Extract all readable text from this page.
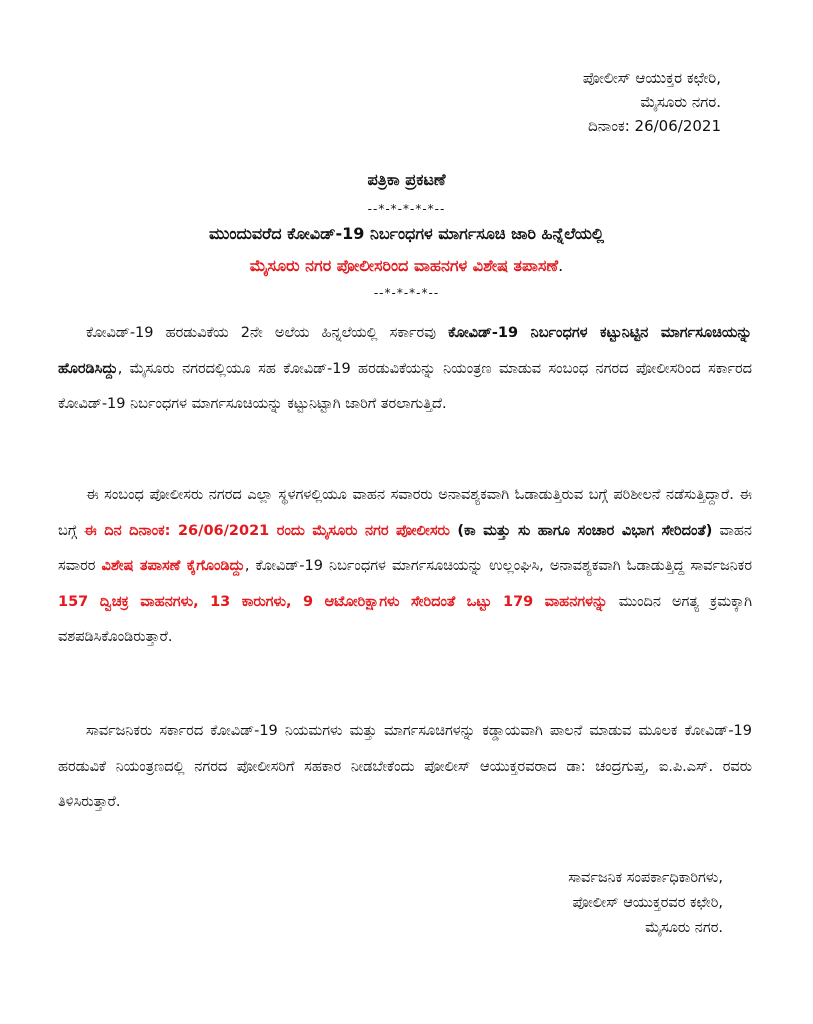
ಪೋಲೀಸ್ ಆಯುಕ್ತರ ಕಛೇರಿ,
ಮೈಸೂರು ನಗರ.
ದಿನಾಂಕ: 26/06/2021
ಪತ್ರಿಕಾ ಪ್ರಕಟಣೆ
--*-*-*-*-*--
ಮುಂದುವರೆದ ಕೋವಿಡ್-19 ನಿರ್ಬಂಧಗಳ ಮಾರ್ಗಸೂಚಿ ಜಾರಿ ಹಿನ್ನೆಲೆಯಲ್ಲಿ
ಮೈಸೂರು ನಗರ ಪೋಲೀಸರಿಂದ ವಾಹನಗಳ ವಿಶೇಷ ತಪಾಸಣೆ.
--*-*-*-*--
ಕೋವಿಡ್-19 ಹರಡುವಿಕೆಯ 2ನೇ ಅಲೆಯ ಹಿನ್ನಲೆಯಲ್ಲಿ ಸರ್ಕಾರವು ಕೋವಿಡ್-19 ನಿರ್ಬಂಧಗಳ ಕಟ್ಟುನಿಟ್ಟಿನ ಮಾರ್ಗಸೂಚಿಯನ್ನು ಹೊರಡಿಸಿದ್ದು, ಮೈಸೂರು ನಗರದಲ್ಲಿಯೂ ಸಹ ಕೋವಿಡ್-19 ಹರಡುವಿಕೆಯನ್ನು ನಿಯಂತ್ರಣ ಮಾಡುವ ಸಂಬಂಧ ನಗರದ ಪೋಲೀಸರಿಂದ ಸರ್ಕಾರದ ಕೋವಿಡ್-19 ನಿರ್ಬಂಧಗಳ ಮಾರ್ಗಸೂಚಿಯನ್ನು ಕಟ್ಟುನಿಟ್ಟಾಗಿ ಜಾರಿಗೆ ತರಲಾಗುತ್ತಿದೆ.
ಈ ಸಂಬಂಧ ಪೋಲೀಸರು ನಗರದ ಎಲ್ಲಾ ಸ್ಥಳಗಳಲ್ಲಿಯೂ ವಾಹನ ಸವಾರರು ಅನಾವಶ್ಯಕವಾಗಿ ಓಡಾಡುತ್ತಿರುವ ಬಗ್ಗೆ ಪರಿಶೀಲನೆ ನಡೆಸುತ್ತಿದ್ದಾರೆ. ಈ ಬಗ್ಗೆ ಈ ದಿನ ದಿನಾಂಕ: 26/06/2021 ರಂದು ಮೈಸೂರು ನಗರ ಪೋಲೀಸರು (ಕಾ ಮತ್ತು ಸು ಹಾಗೂ ಸಂಚಾರ ವಿಭಾಗ ಸೇರಿದಂತೆ) ವಾಹನ ಸವಾರರ ವಿಶೇಷ ತಪಾಸಣೆ ಕೈಗೊಂಡಿದ್ದು, ಕೋವಿಡ್-19 ನಿರ್ಬಂಧಗಳ ಮಾರ್ಗಸೂಚಿಯನ್ನು ಉಲ್ಲಂಘಿಸಿ, ಅನಾವಶ್ಯಕವಾಗಿ ಓಡಾಡುತ್ತಿದ್ದ ಸಾರ್ವಜನಿಕರ 157 ದ್ವಿಚಕ್ರ ವಾಹನಗಳು, 13 ಕಾರುಗಳು, 9 ಆಟೋರಿಕ್ಷಾಗಳು ಸೇರಿದಂತೆ ಒಟ್ಟು 179 ವಾಹನಗಳನ್ನು ಮುಂದಿನ ಅಗತ್ಯ ಕ್ರಮಕ್ಕಾಗಿ ವಶಪಡಿಸಿಕೊಂಡಿರುತ್ತಾರೆ.
ಸಾರ್ವಜನಿಕರು ಸರ್ಕಾರದ ಕೋವಿಡ್-19 ನಿಯಮಗಳು ಮತ್ತು ಮಾರ್ಗಸೂಚಿಗಳನ್ನು ಕಡ್ಡಾಯವಾಗಿ ಪಾಲನೆ ಮಾಡುವ ಮೂಲಕ ಕೋವಿಡ್-19 ಹರಡುವಿಕೆ ನಿಯಂತ್ರಣದಲ್ಲಿ ನಗರದ ಪೋಲೀಸರಿಗೆ ಸಹಕಾರ ನೀಡಬೇಕೆಂದು ಪೋಲೀಸ್ ಆಯುಕ್ತರವರಾದ ಡಾ: ಚಂದ್ರಗುಪ್ತ, ಐ.ಪಿ.ಎಸ್. ರವರು ತಿಳಿಸಿರುತ್ತಾರೆ.
ಸಾರ್ವಜನಿಕ ಸಂಪರ್ಕಾಧಿಕಾರಿಗಳು,
ಪೋಲೀಸ್ ಆಯುಕ್ತರವರ ಕಛೇರಿ,
ಮೈಸೂರು ನಗರ.
